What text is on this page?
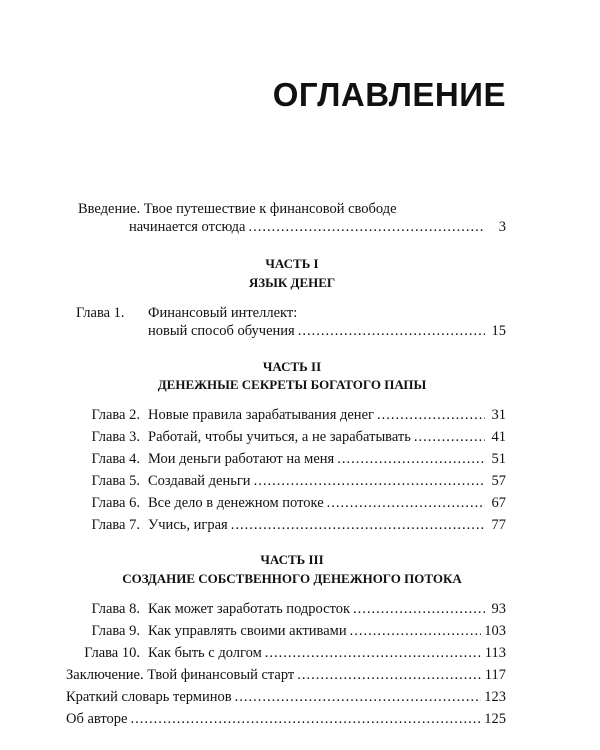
ОГЛАВЛЕНИЕ
Введение. Твое путешествие к финансовой свободе
начинается отсюда .....	3
ЧАСТЬ I
ЯЗЫК ДЕНЕГ
Глава 1. Финансовый интеллект:
новый способ обучения .....	15
ЧАСТЬ II
ДЕНЕЖНЫЕ СЕКРЕТЫ БОГАТОГО ПАПЫ
Глава 2. Новые правила зарабатывания денег .....	31
Глава 3. Работай, чтобы учиться, а не зарабатывать .....	41
Глава 4. Мои деньги работают на меня .....	51
Глава 5. Создавай деньги .....	57
Глава 6. Все дело в денежном потоке .....	67
Глава 7. Учись, играя .....	77
ЧАСТЬ III
СОЗДАНИЕ СОБСТВЕННОГО ДЕНЕЖНОГО ПОТОКА
Глава 8. Как может заработать подросток .....	93
Глава 9. Как управлять своими активами .....	103
Глава 10. Как быть с долгом .....	113
Заключение. Твой финансовый старт .....	117
Краткий словарь терминов .....	123
Об авторе .....	125
